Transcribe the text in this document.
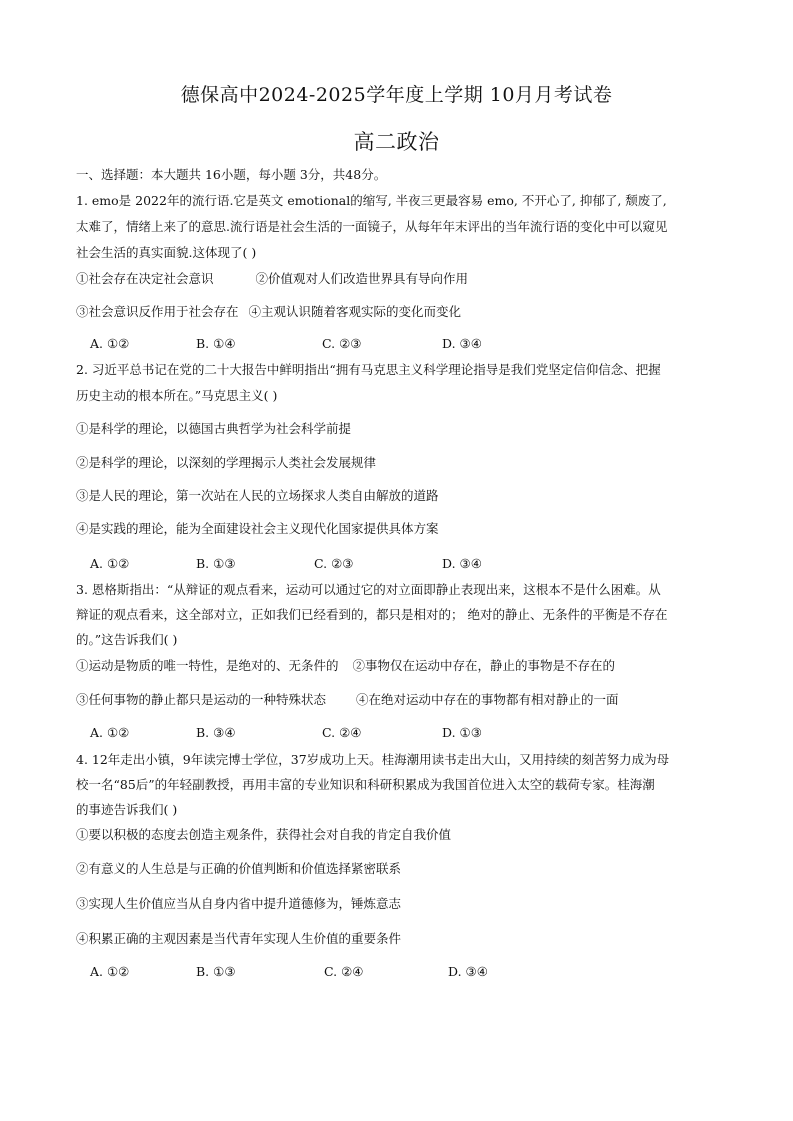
德保高中2024-2025学年度上学期 10月月考试卷
高二政治
一、选择题：本大题共 16小题，每小题 3分，共48分。
1. emo是 2022年的流行语.它是英文 emotional的缩写, 半夜三更最容易 emo, 不开心了, 抑郁了, 颓废了,
太难了，情绪上来了的意思.流行语是社会生活的一面镜子，从每年年末评出的当年流行语的变化中可以窥见
社会生活的真实面貌.这体现了( )
①社会存在决定社会意识	②价值观对人们改造世界具有导向作用
③社会意识反作用于社会存在 ④主观认识随着客观实际的变化而变化
A. ①②	B. ①④	C. ②③	D. ③④
2. 习近平总书记在党的二十大报告中鲜明指出“拥有马克思主义科学理论指导是我们党坚定信仰信念、把握
历史主动的根本所在。”马克思主义( )
①是科学的理论，以德国古典哲学为社会科学前提
②是科学的理论，以深刻的学理揭示人类社会发展规律
③是人民的理论，第一次站在人民的立场探求人类自由解放的道路
④是实践的理论，能为全面建设社会主义现代化国家提供具体方案
A. ①②	B. ①③	C. ②③	D. ③④
3. 恩格斯指出：“从辩证的观点看来，运动可以通过它的对立面即静止表现出来，这根本不是什么困难。从
辩证的观点看来，这全部对立，正如我们已经看到的，都只是相对的； 绝对的静止、无条件的平衡是不存在
的。”这告诉我们( )
①运动是物质的唯一特性，是绝对的、无条件的 ②事物仅在运动中存在，静止的事物是不存在的
③任何事物的静止都只是运动的一种特殊状态 ④在绝对运动中存在的事物都有相对静止的一面
A. ①②	B. ③④	C. ②④	D. ①③
4. 12年走出小镇，9年读完博士学位，37岁成功上天。桂海潮用读书走出大山，又用持续的刻苦努力成为母
校一名“85后”的年轻副教授，再用丰富的专业知识和科研积累成为我国首位进入太空的载荷专家。桂海潮
的事迹告诉我们( )
①要以积极的态度去创造主观条件，获得社会对自我的肯定自我价值
②有意义的人生总是与正确的价值判断和价值选择紧密联系
③实现人生价值应当从自身内省中提升道德修为，锤炼意志
④积累正确的主观因素是当代青年实现人生价值的重要条件
A. ①②	B. ①③	C. ②④	D. ③④
